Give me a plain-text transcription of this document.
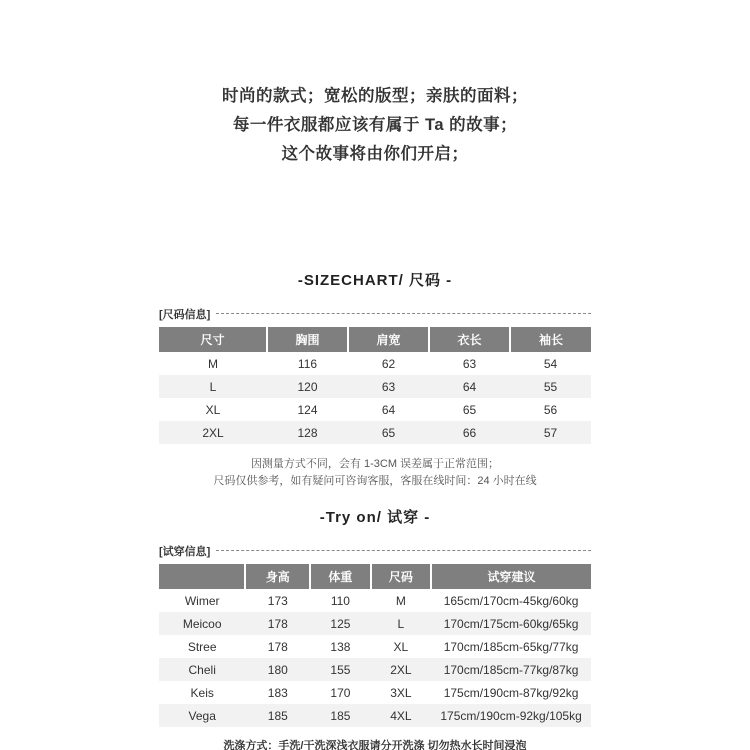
时尚的款式；宽松的版型；亲肤的面料；
每一件衣服都应该有属于 Ta 的故事；
这个故事将由你们开启；
-SIZECHART/ 尺码 -
[尺码信息]
尺寸	胸围	肩宽	衣长	袖长
M	116	62	63	54
L	120	63	64	55
XL	124	64	65	56
2XL	128	65	66	57
因测量方式不同，会有 1-3CM 误差属于正常范围；
尺码仅供参考，如有疑问可咨询客服，客服在线时间：24 小时在线
-Try on/ 试穿 -
[试穿信息]
	身高	体重	尺码	试穿建议
Wimer	173	110	M	165cm/170cm-45kg/60kg
Meicoo	178	125	L	170cm/175cm-60kg/65kg
Stree	178	138	XL	170cm/185cm-65kg/77kg
Cheli	180	155	2XL	170cm/185cm-77kg/87kg
Keis	183	170	3XL	175cm/190cm-87kg/92kg
Vega	185	185	4XL	175cm/190cm-92kg/105kg
洗涤方式：手洗/干洗深浅衣服请分开洗涤 切勿热水长时间浸泡
